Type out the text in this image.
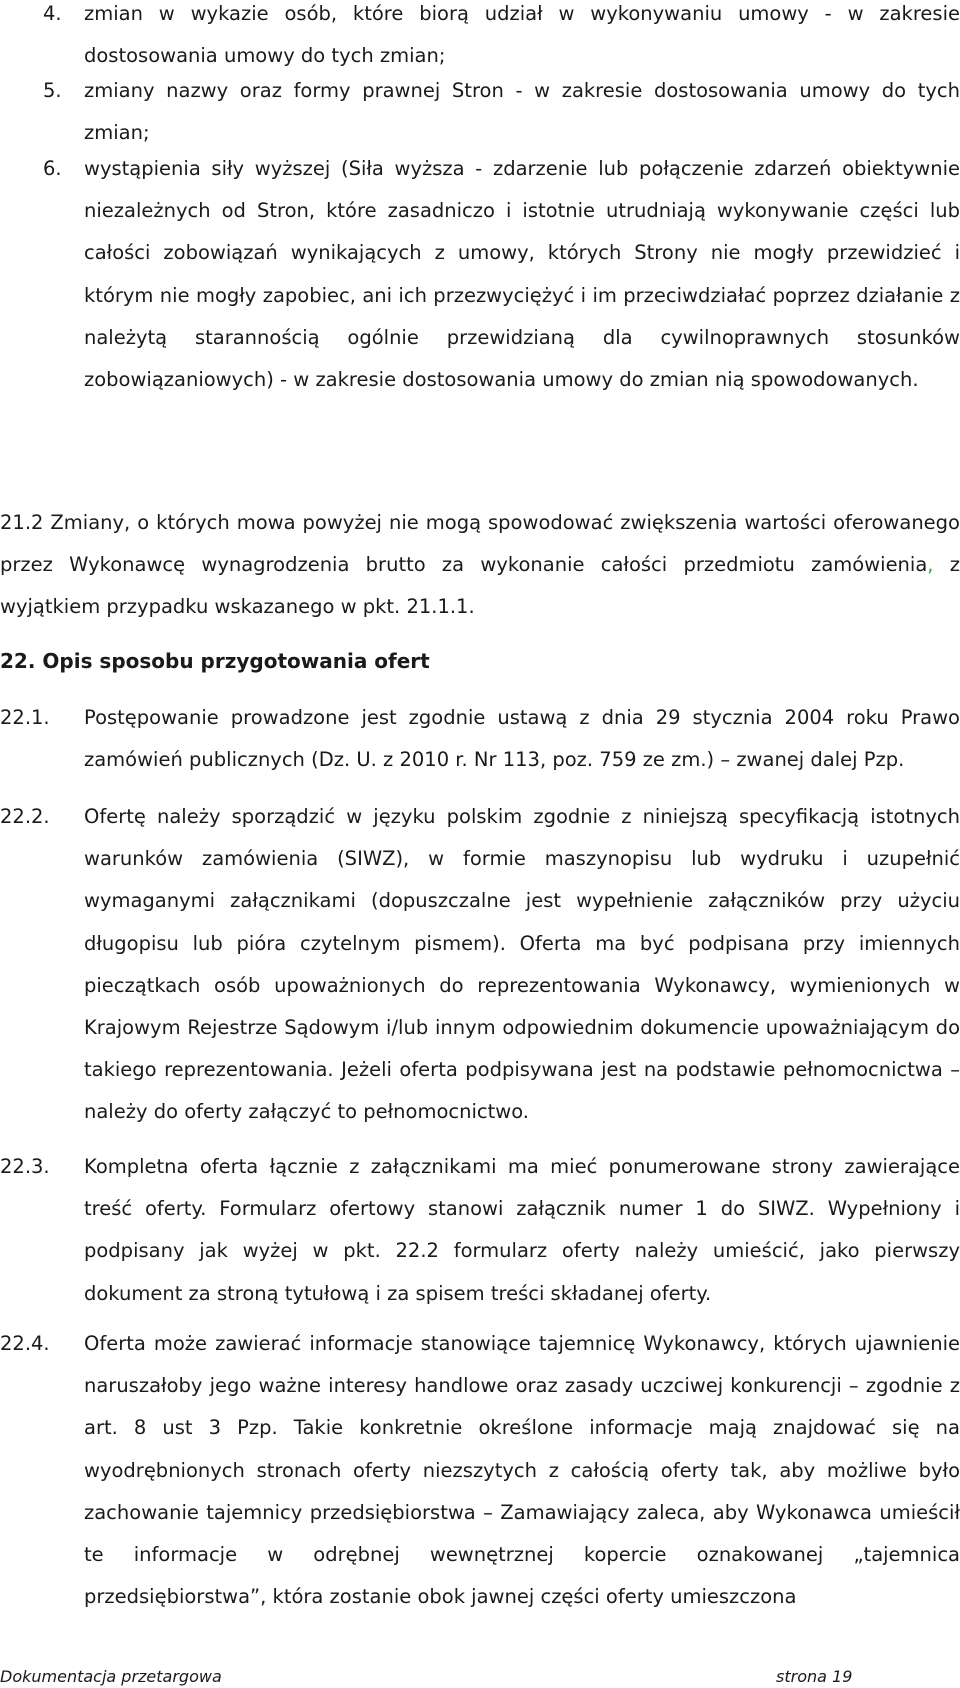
4. zmian w wykazie osób, które biorą udział w wykonywaniu umowy - w zakresie dostosowania umowy do tych zmian;
5. zmiany nazwy oraz formy prawnej Stron - w zakresie dostosowania umowy do tych zmian;
6. wystąpienia siły wyższej (Siła wyższa - zdarzenie lub połączenie zdarzeń obiektywnie niezależnych od Stron, które zasadniczo i istotnie utrudniają wykonywanie części lub całości zobowiązań wynikających z umowy, których Strony nie mogły przewidzieć i którym nie mogły zapobiec, ani ich przezwyciężyć i im przeciwdziałać poprzez działanie z należytą starannością ogólnie przewidzianą dla cywilnoprawnych stosunków zobowiązaniowych) - w zakresie dostosowania umowy do zmian nią spowodowanych.

21.2 Zmiany, o których mowa powyżej nie mogą spowodować zwiększenia wartości oferowanego przez Wykonawcę wynagrodzenia brutto za wykonanie całości przedmiotu zamówienia, z wyjątkiem przypadku wskazanego w pkt. 21.1.1.

22. Opis sposobu przygotowania ofert
22.1. Postępowanie prowadzone jest zgodnie ustawą z dnia 29 stycznia 2004 roku Prawo zamówień publicznych (Dz. U. z 2010 r. Nr 113, poz. 759 ze zm.) – zwanej dalej Pzp.
22.2. Ofertę należy sporządzić w języku polskim zgodnie z niniejszą specyfikacją istotnych warunków zamówienia (SIWZ), w formie maszynopisu lub wydruku i uzupełnić wymaganymi załącznikami (dopuszczalne jest wypełnienie załączników przy użyciu długopisu lub pióra czytelnym pismem). Oferta ma być podpisana przy imiennych pieczątkach osób upoważnionych do reprezentowania Wykonawcy, wymienionych w Krajowym Rejestrze Sądowym i/lub innym odpowiednim dokumencie upoważniającym do takiego reprezentowania. Jeżeli oferta podpisywana jest na podstawie pełnomocnictwa – należy do oferty załączyć to pełnomocnictwo.
22.3. Kompletna oferta łącznie z załącznikami ma mieć ponumerowane strony zawierające treść oferty. Formularz ofertowy stanowi załącznik numer 1 do SIWZ. Wypełniony i podpisany jak wyżej w pkt. 22.2 formularz oferty należy umieścić, jako pierwszy dokument za stroną tytułową i za spisem treści składanej oferty.
22.4. Oferta może zawierać informacje stanowiące tajemnicę Wykonawcy, których ujawnienie naruszałoby jego ważne interesy handlowe oraz zasady uczciwej konkurencji – zgodnie z art. 8 ust 3 Pzp. Takie konkretnie określone informacje mają znajdować się na wyodrębnionych stronach oferty niezszytych z całością oferty tak, aby możliwe było zachowanie tajemnicy przedsiębiorstwa – Zamawiający zaleca, aby Wykonawca umieścił te informacje w odrębnej wewnętrznej kopercie oznakowanej „tajemnica przedsiębiorstwa”, która zostanie obok jawnej części oferty umieszczona
Dokumentacja przetargowa	strona 19
